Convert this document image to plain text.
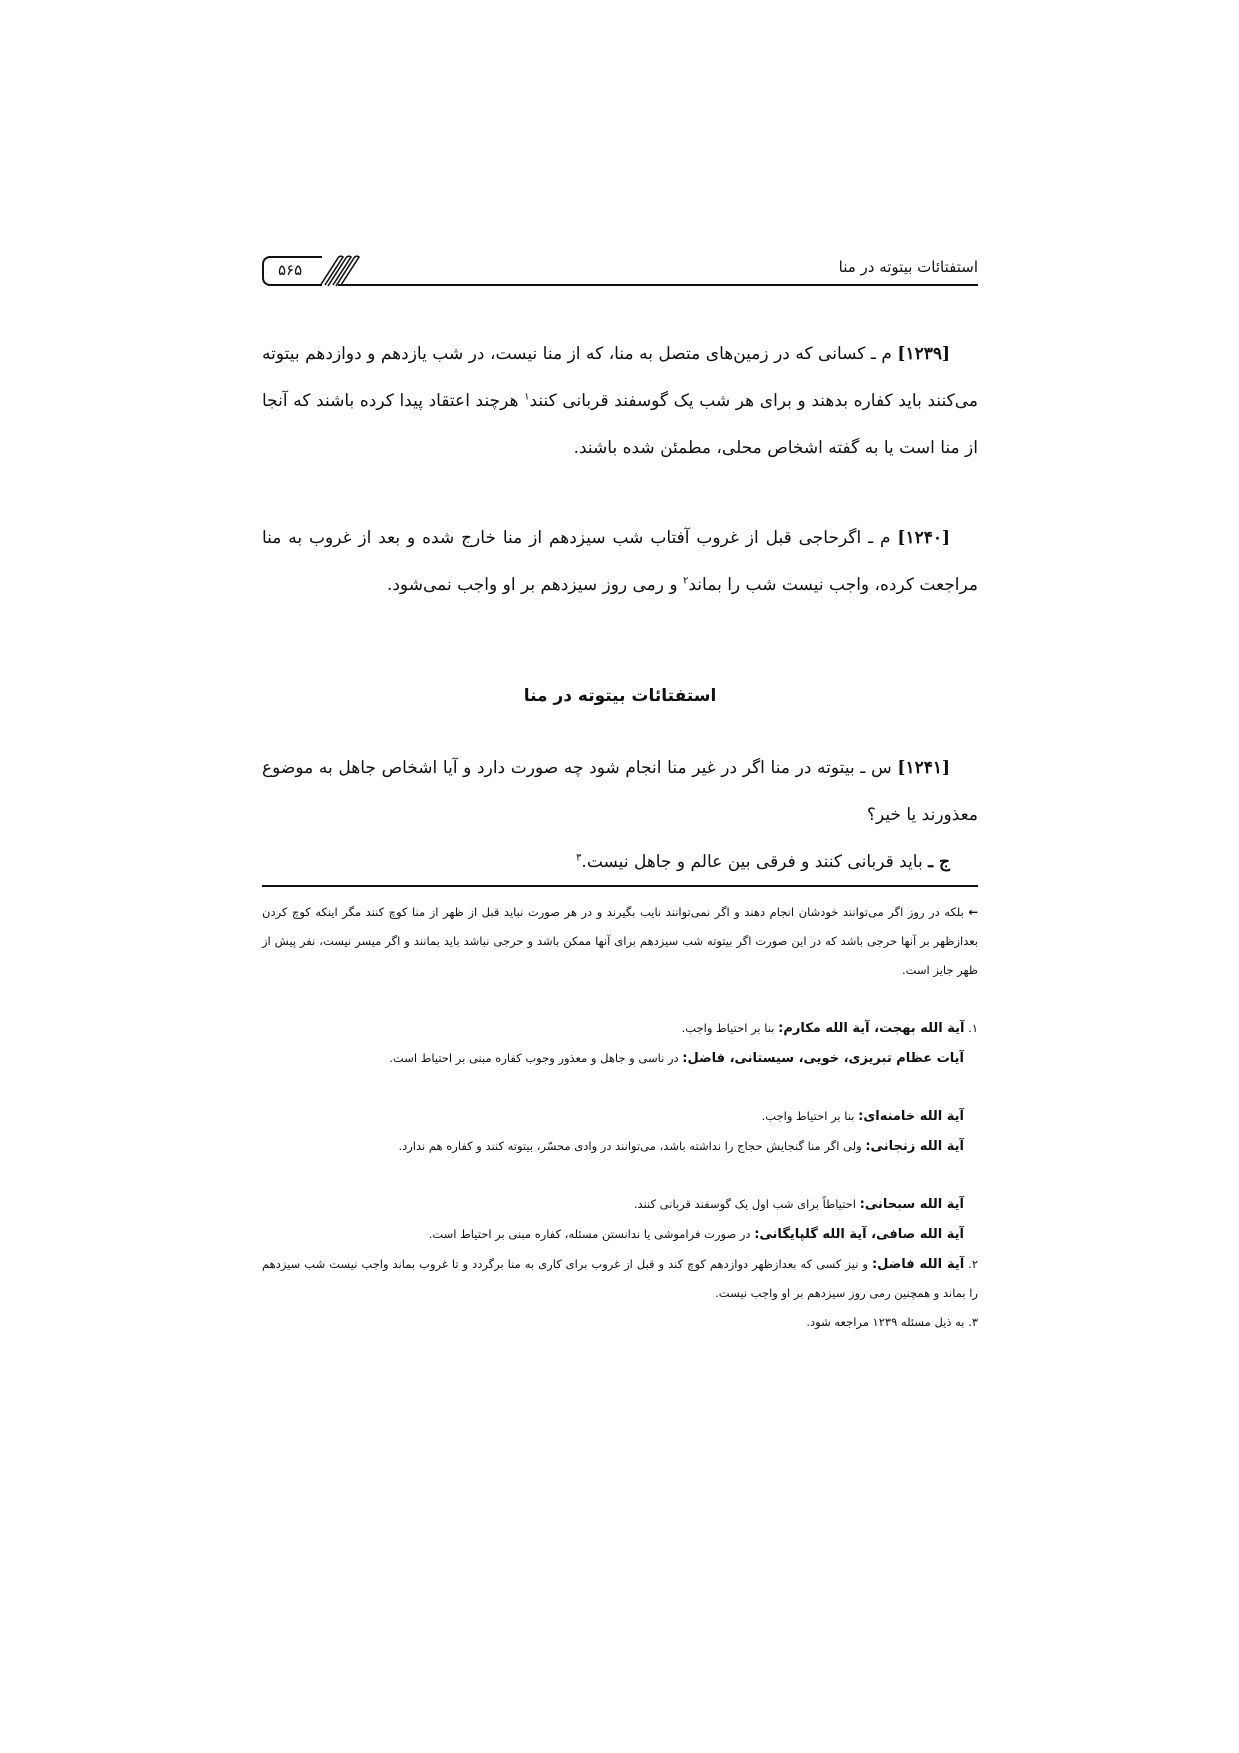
استفتائات بیتوته در منا
۵۶۵

[۱۲۳۹] م ـ کسانی که در زمین‌های متصل به منا، که از منا نیست، در شب یازدهم و دوازدهم بیتوته می‌کنند باید کفاره بدهند و برای هر شب یک گوسفند قربانی کنند$^۱$ هرچند اعتقاد پیدا کرده باشند که آنجا از منا است یا به گفته اشخاص محلی، مطمئن شده باشند.

[۱۲۴۰] م ـ اگرحاجی قبل از غروب آفتاب شب سیزدهم از منا خارج شده و بعد از غروب به منا مراجعت کرده، واجب نیست شب را بماند$^۲$ و رمی روز سیزدهم بر او واجب نمی‌شود.

استفتائات بیتوته در منا

[۱۲۴۱] س ـ بیتوته در منا اگر در غیر منا انجام شود چه صورت دارد و آیا اشخاص جاهل به موضوع معذورند یا خیر؟

ج ـ باید قربانی کنند و فرقی بین عالم و جاهل نیست.$^۳$

← بلکه در روز اگر می‌توانند خودشان انجام دهند و اگر نمی‌توانند نایب بگیرند و در هر صورت نباید قبل از ظهر از منا کوچ کنند مگر اینکه کوچ کردن بعدازظهر بر آنها حرجی باشد که در این صورت اگر بیتوته شب سیزدهم برای آنها ممکن باشد و حرجی نباشد باید بمانند و اگر میسر نیست، نفر پیش از ظهر جایز است.
۱. آیة الله بهجت، آیة الله مکارم: بنا بر احتیاط واجب.
آیات عظام تبریزی، خویی، سیستانی، فاضل: در ناسی و جاهل و معذور وجوب کفاره مبنی بر احتیاط است.
آیة الله خامنه‌ای: بنا بر احتیاط واجب.
آیة الله زنجانی: ولی اگر منا گنجایش حجاج را نداشته باشد، می‌توانند در وادی محسّر، بیتوته کنند و کفاره هم ندارد.
آیة الله سبحانی: احتیاطاً برای شب اول یک گوسفند قربانی کنند.
آیة الله صافی، آیة الله گلپایگانی: در صورت فراموشی یا ندانستن مسئله، کفاره مبنی بر احتیاط است.
۲. آیة الله فاضل: و نیز کسی که بعدازظهر دوازدهم کوچ کند و قبل از غروب برای کاری به منا برگردد و تا غروب بماند واجب نیست شب سیزدهم را بماند و همچنین رمی روز سیزدهم بر او واجب نیست.
۳. به ذیل مسئله ۱۲۳۹ مراجعه شود.
